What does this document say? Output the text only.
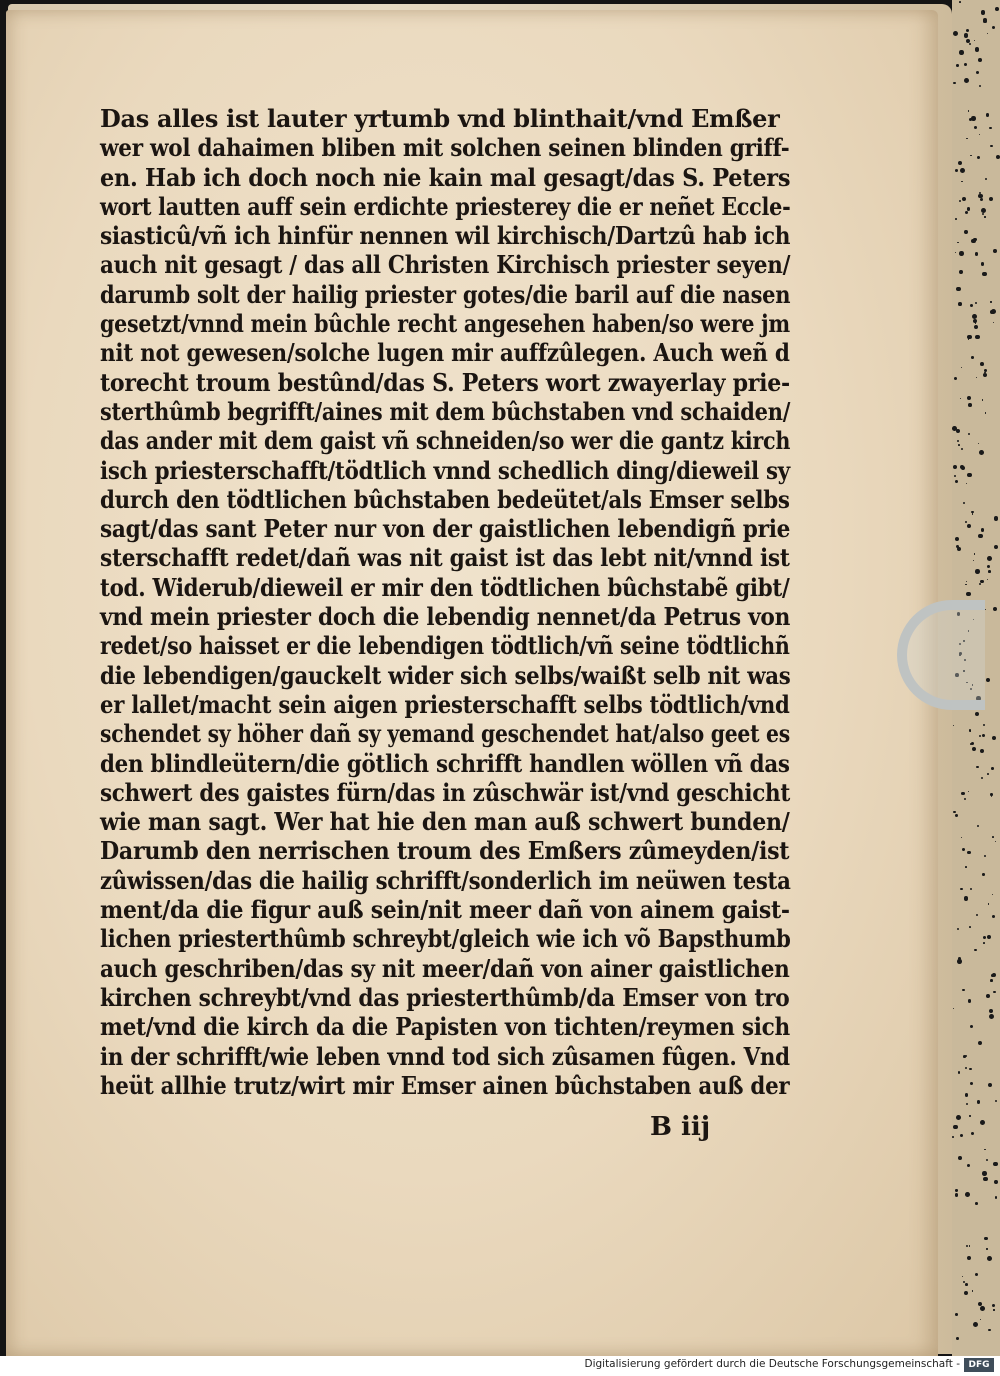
Das alles ist lauter yrtumb vnd blinthait/vnd Emßer
wer wol dahaimen bliben mit solchen seinen blinden griff-
en. Hab ich doch noch nie kain mal gesagt/das S. Peters
wort lautten auff sein erdichte priesterey die er neñet Eccle-
siasticû/vñ ich hinfür nennen wil kirchisch/Dartzû hab ich
auch nit gesagt / das all Christen Kirchisch priester seyen/
darumb solt der hailig priester gotes/die baril auf die nasen
gesetzt/vnnd mein bûchle recht angesehen haben/so were jm
nit not gewesen/solche lugen mir auffzûlegen. Auch weñ d
torecht troum bestûnd/das S. Peters wort zwayerlay prie-
sterthûmb begrifft/aines mit dem bûchstaben vnd schaiden/
das ander mit dem gaist vñ schneiden/so wer die gantz kirch
isch priesterschafft/tödtlich vnnd schedlich ding/dieweil sy
durch den tödtlichen bûchstaben bedeütet/als Emser selbs
sagt/das sant Peter nur von der gaistlichen lebendigñ prie
sterschafft redet/dañ was nit gaist ist das lebt nit/vnnd ist
tod. Widerub/dieweil er mir den tödtlichen bûchstabẽ gibt/
vnd mein priester doch die lebendig nennet/da Petrus von
redet/so haisset er die lebendigen tödtlich/vñ seine tödtlichñ
die lebendigen/gauckelt wider sich selbs/waißt selb nit was
er lallet/macht sein aigen priesterschafft selbs tödtlich/vnd
schendet sy höher dañ sy yemand geschendet hat/also geet es
den blindleütern/die götlich schrifft handlen wöllen vñ das
schwert des gaistes fürn/das in zûschwär ist/vnd geschicht
wie man sagt. Wer hat hie den man auß schwert bunden/
Darumb den nerrischen troum des Emßers zûmeyden/ist
zûwissen/das die hailig schrifft/sonderlich im neüwen testa
ment/da die figur auß sein/nit meer dañ von ainem gaist-
lichen priesterthûmb schreybt/gleich wie ich võ Bapsthumb
auch geschriben/das sy nit meer/dañ von ainer gaistlichen
kirchen schreybt/vnd das priesterthûmb/da Emser von tro
met/vnd die kirch da die Papisten von tichten/reymen sich
in der schrifft/wie leben vnnd tod sich zûsamen fûgen. Vnd
heüt allhie trutz/wirt mir Emser ainen bûchstaben auß der
B iij
Digitalisierung gefördert durch die Deutsche Forschungsgemeinschaft - DFG
